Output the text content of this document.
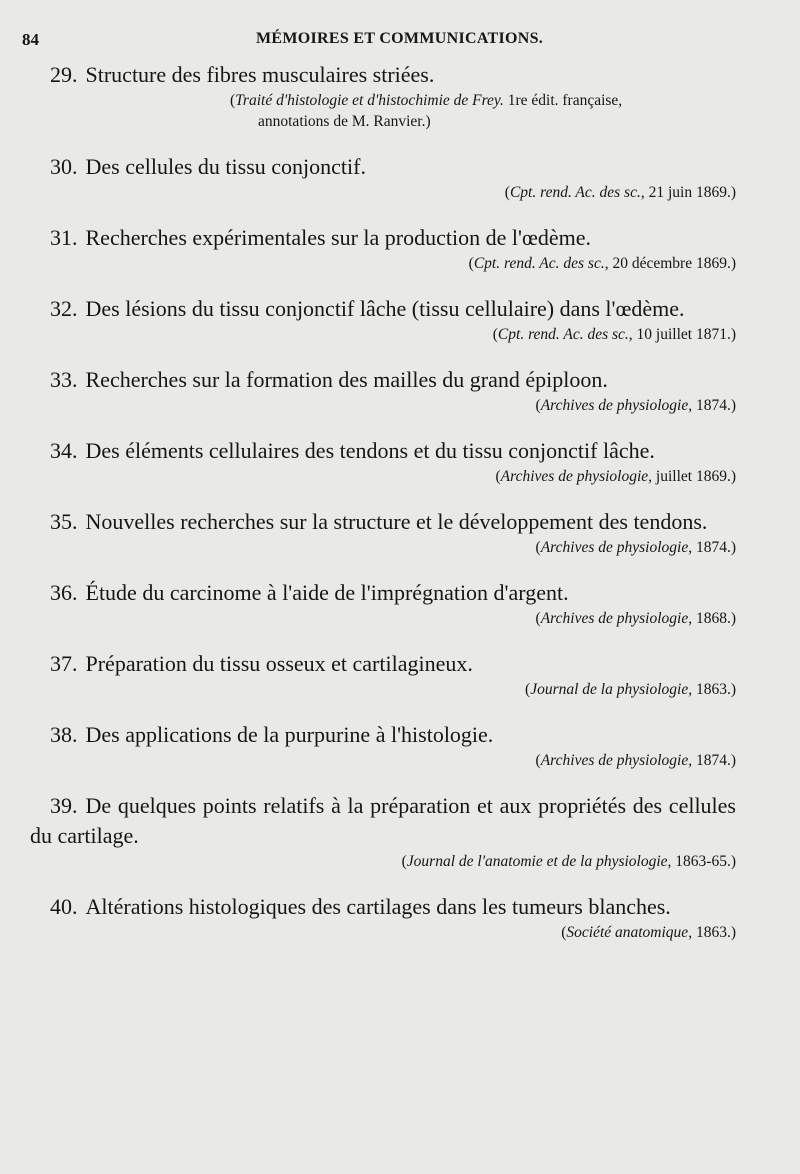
84	MÉMOIRES ET COMMUNICATIONS.
29. Structure des fibres musculaires striées.
(Traité d'histologie et d'histochimie de Frey. 1re édit. française,
annotations de M. Ranvier.)
30. Des cellules du tissu conjonctif.
(Cpt. rend. Ac. des sc., 21 juin 1869.)
31. Recherches expérimentales sur la production de l'œdème.
(Cpt. rend. Ac. des sc., 20 décembre 1869.)
32. Des lésions du tissu conjonctif lâche (tissu cellulaire) dans l'œdème.
(Cpt. rend. Ac. des sc., 10 juillet 1871.)
33. Recherches sur la formation des mailles du grand épiploon.
(Archives de physiologie, 1874.)
34. Des éléments cellulaires des tendons et du tissu conjonctif lâche.
(Archives de physiologie, juillet 1869.)
35. Nouvelles recherches sur la structure et le développement des tendons.
(Archives de physiologie, 1874.)
36. Étude du carcinome à l'aide de l'imprégnation d'argent.
(Archives de physiologie, 1868.)
37. Préparation du tissu osseux et cartilagineux.
(Journal de la physiologie, 1863.)
38. Des applications de la purpurine à l'histologie.
(Archives de physiologie, 1874.)
39. De quelques points relatifs à la préparation et aux propriétés des cellules du cartilage.
(Journal de l'anatomie et de la physiologie, 1863-65.)
40. Altérations histologiques des cartilages dans les tumeurs blanches.
(Société anatomique, 1863.)
